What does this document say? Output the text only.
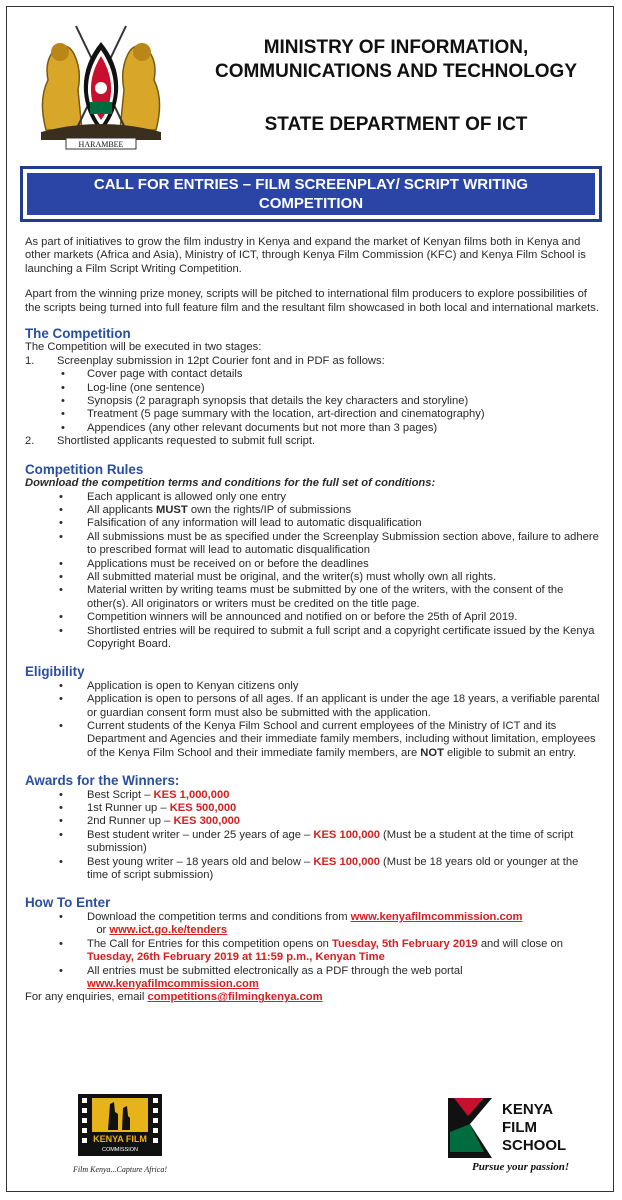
HARAMBEE
MINISTRY OF INFORMATION, COMMUNICATIONS AND TECHNOLOGY
STATE DEPARTMENT OF ICT
CALL FOR ENTRIES – FILM SCREENPLAY/ SCRIPT WRITING COMPETITION

As part of initiatives to grow the film industry in Kenya and expand the market of Kenyan films both in Kenya and other markets (Africa and Asia), Ministry of ICT, through Kenya Film Commission (KFC) and Kenya Film School is launching a Film Script Writing Competition.

Apart from the winning prize money, scripts will be pitched to international film producers to explore possibilities of the scripts being turned into full feature film and the resultant film showcased in both local and international markets.

The Competition
The Competition will be executed in two stages:
1. Screenplay submission in 12pt Courier font and in PDF as follows:
• Cover page with contact details
• Log-line (one sentence)
• Synopsis (2 paragraph synopsis that details the key characters and storyline)
• Treatment (5 page summary with the location, art-direction and cinematography)
• Appendices (any other relevant documents but not more than 3 pages)
2. Shortlisted applicants requested to submit full script.
Competition Rules
Download the competition terms and conditions for the full set of conditions:
• Each applicant is allowed only one entry
• All applicants MUST own the rights/IP of submissions
• Falsification of any information will lead to automatic disqualification
• All submissions must be as specified under the Screenplay Submission section above, failure to adhere to prescribed format will lead to automatic disqualification
• Applications must be received on or before the deadlines
• All submitted material must be original, and the writer(s) must wholly own all rights.
• Material written by writing teams must be submitted by one of the writers, with the consent of the other(s). All originators or writers must be credited on the title page.
• Competition winners will be announced and notified on or before the 25th of April 2019.
• Shortlisted entries will be required to submit a full script and a copyright certificate issued by the Kenya Copyright Board.
Eligibility
• Application is open to Kenyan citizens only
• Application is open to persons of all ages. If an applicant is under the age 18 years, a verifiable parental or guardian consent form must also be submitted with the application.
• Current students of the Kenya Film School and current employees of the Ministry of ICT and its Department and Agencies and their immediate family members, including without limitation, employees of the Kenya Film School and their immediate family members, are NOT eligible to submit an entry.
Awards for the Winners:
• Best Script – KES 1,000,000
• 1st Runner up – KES 500,000
• 2nd Runner up – KES 300,000
• Best student writer – under 25 years of age – KES 100,000 (Must be a student at the time of script submission)
• Best young writer – 18 years old and below – KES 100,000 (Must be 18 years old or younger at the time of script submission)
How To Enter
• Download the competition terms and conditions from www.kenyafilmcommission.com   or www.ict.go.ke/tenders
• The Call for Entries for this competition opens on Tuesday, 5th February 2019 and will close on Tuesday, 26th February 2019 at 11:59 p.m., Kenyan Time
• All entries must be submitted electronically as a PDF through the web portal www.kenyafilmcommission.com

For any enquiries, email competitions@filmingkenya.com

KENYA FILM
COMMISSION
Film Kenya...Capture Africa!
KENYA
FILM
SCHOOL
Pursue your passion!
